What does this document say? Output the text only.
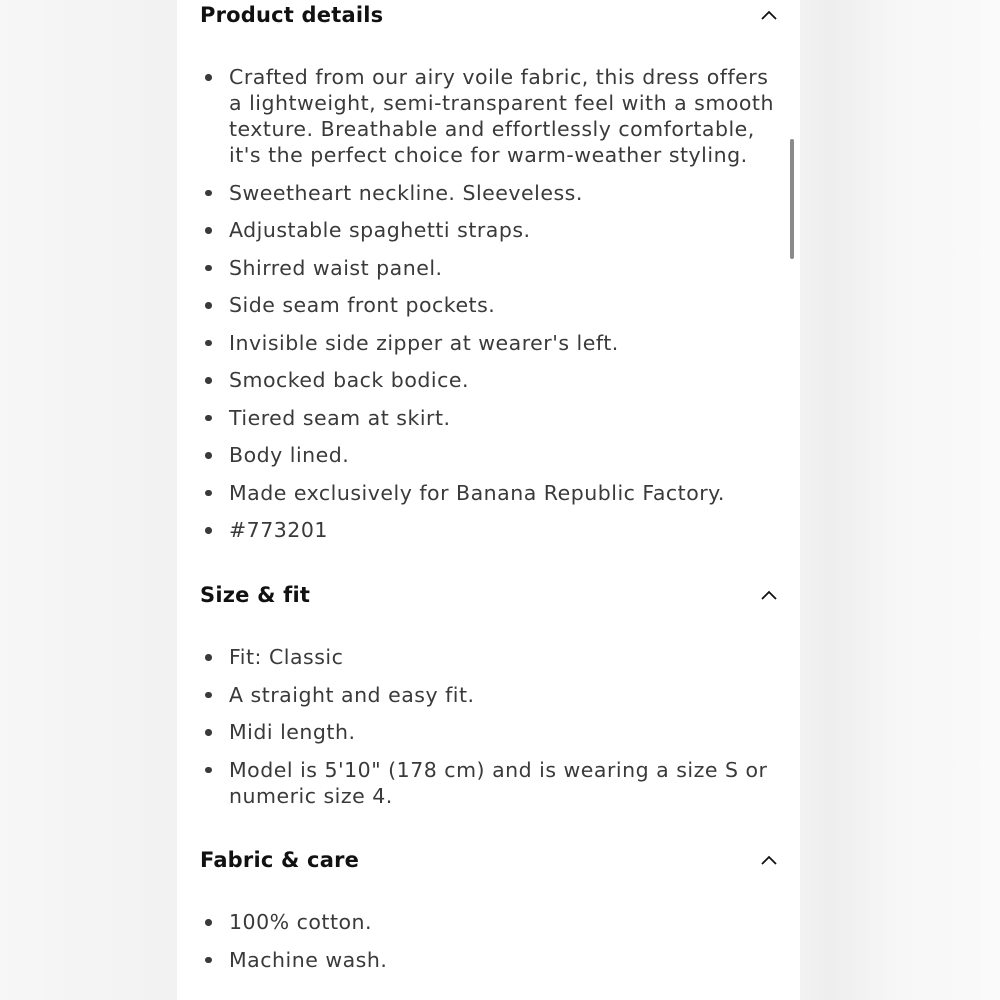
Product details
Crafted from our airy voile fabric, this dress offers a lightweight, semi-transparent feel with a smooth texture. Breathable and effortlessly comfortable, it's the perfect choice for warm-weather styling.
Sweetheart neckline. Sleeveless.
Adjustable spaghetti straps.
Shirred waist panel.
Side seam front pockets.
Invisible side zipper at wearer's left.
Smocked back bodice.
Tiered seam at skirt.
Body lined.
Made exclusively for Banana Republic Factory.
#773201
Size & fit
Fit: Classic
A straight and easy fit.
Midi length.
Model is 5'10" (178 cm) and is wearing a size S or numeric size 4.
Fabric & care
100% cotton.
Machine wash.
